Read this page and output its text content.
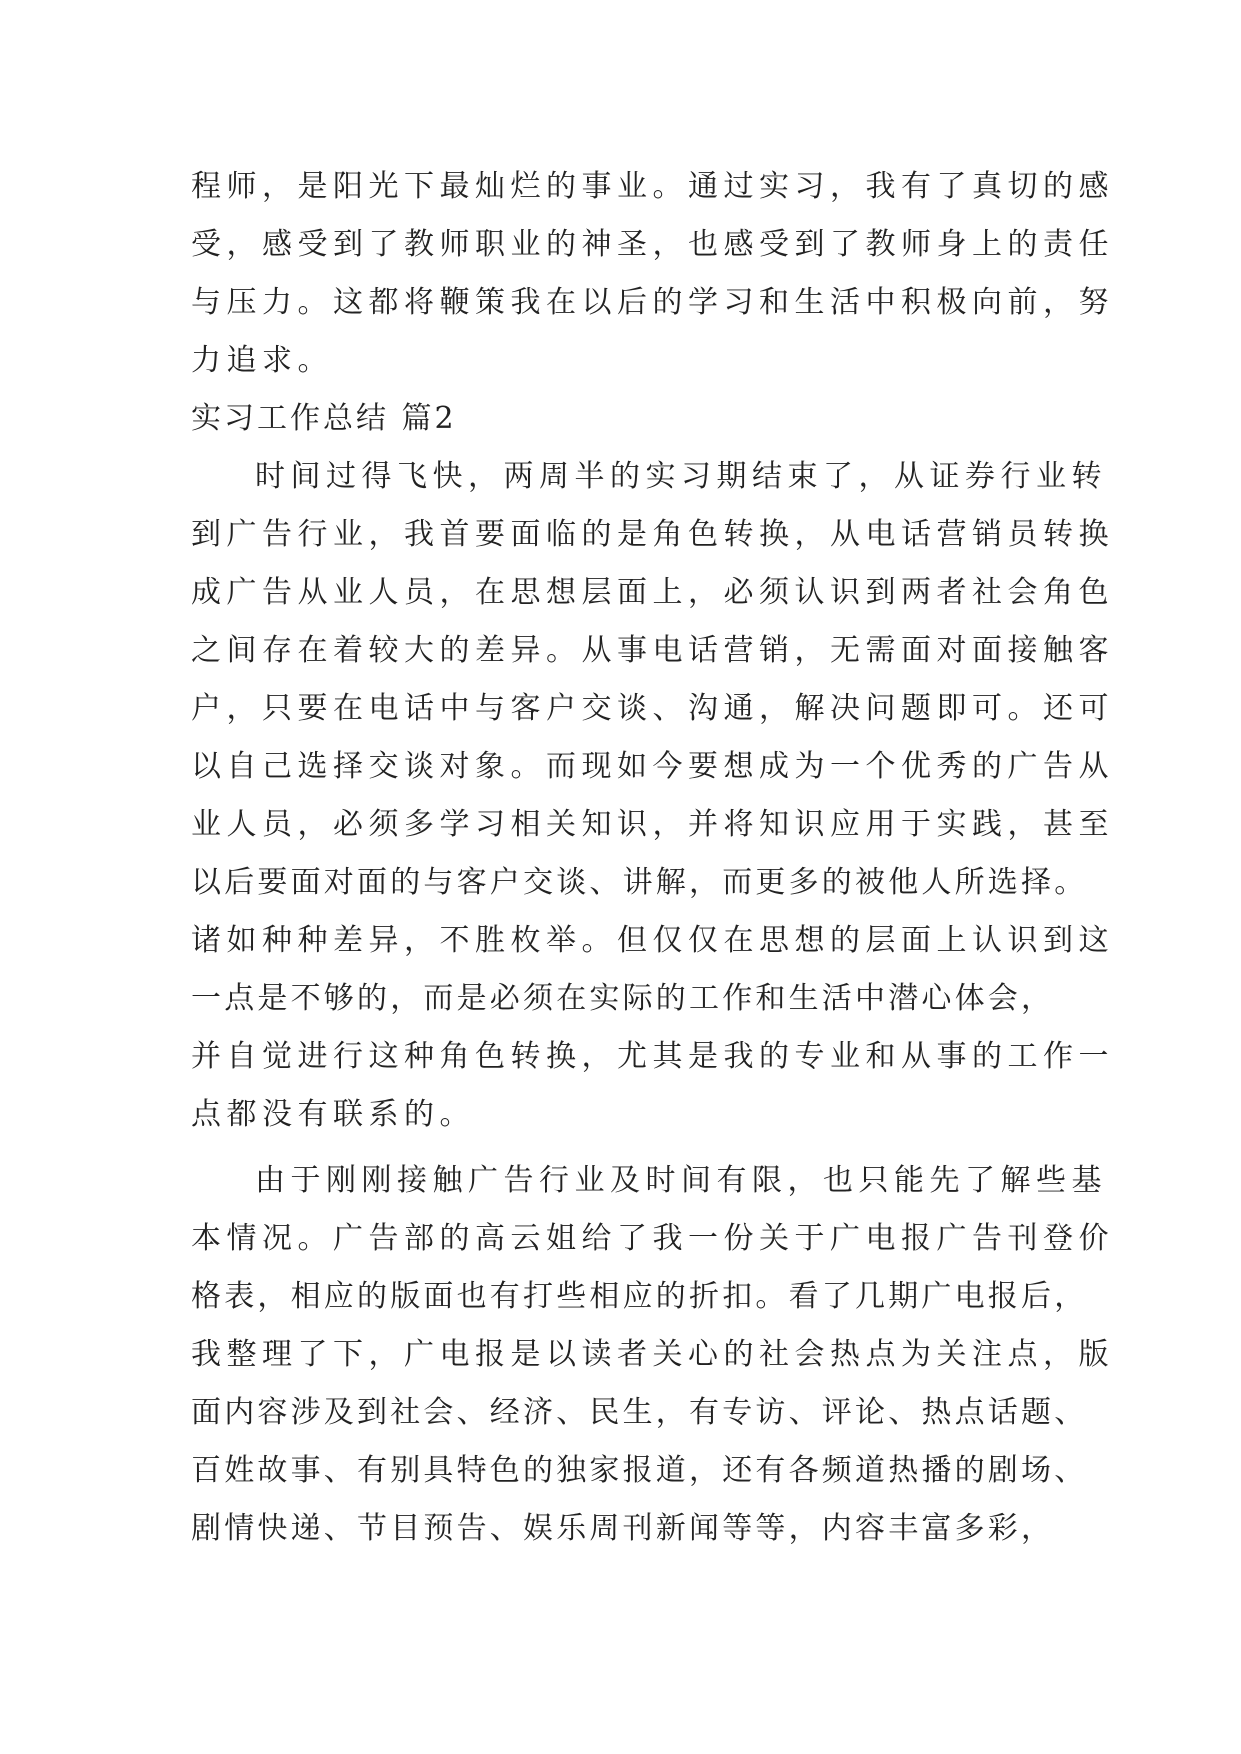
程师，是阳光下最灿烂的事业。通过实习，我有了真切的感
受，感受到了教师职业的神圣，也感受到了教师身上的责任
与压力。这都将鞭策我在以后的学习和生活中积极向前，努
力追求。
实习工作总结 篇2
时间过得飞快，两周半的实习期结束了，从证券行业转
到广告行业，我首要面临的是角色转换，从电话营销员转换
成广告从业人员，在思想层面上，必须认识到两者社会角色
之间存在着较大的差异。从事电话营销，无需面对面接触客
户，只要在电话中与客户交谈、沟通，解决问题即可。还可
以自己选择交谈对象。而现如今要想成为一个优秀的广告从
业人员，必须多学习相关知识，并将知识应用于实践，甚至
以后要面对面的与客户交谈、讲解，而更多的被他人所选择。
诸如种种差异，不胜枚举。但仅仅在思想的层面上认识到这
一点是不够的，而是必须在实际的工作和生活中潜心体会，
并自觉进行这种角色转换，尤其是我的专业和从事的工作一
点都没有联系的。
由于刚刚接触广告行业及时间有限，也只能先了解些基
本情况。广告部的高云姐给了我一份关于广电报广告刊登价
格表，相应的版面也有打些相应的折扣。看了几期广电报后，
我整理了下，广电报是以读者关心的社会热点为关注点，版
面内容涉及到社会、经济、民生，有专访、评论、热点话题、
百姓故事、有别具特色的独家报道，还有各频道热播的剧场、
剧情快递、节目预告、娱乐周刊新闻等等，内容丰富多彩，
